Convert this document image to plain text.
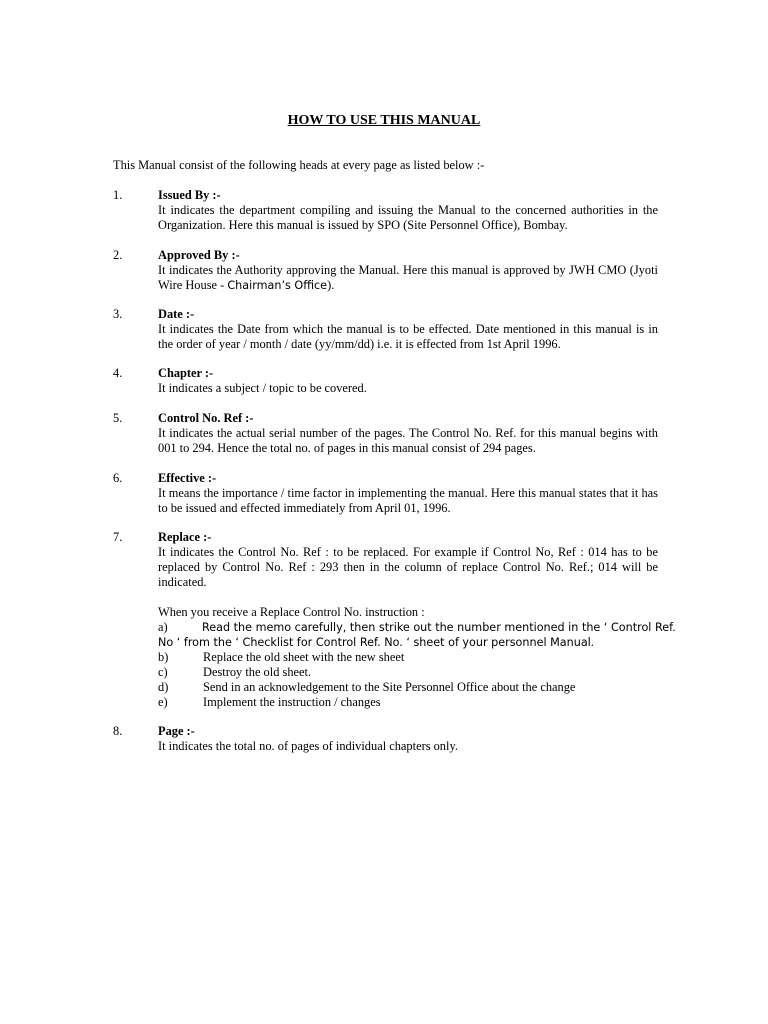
HOW TO USE THIS MANUAL
This Manual consist of the following heads at every page as listed below :-
1.	Issued By :-
It indicates the department compiling and issuing the Manual to the concerned authorities in the Organization. Here this manual is issued by SPO (Site Personnel Office), Bombay.
2.	Approved By :-
It indicates the Authority approving the Manual. Here this manual is approved by JWH CMO (Jyoti Wire House - Chairman’s Office).
3.	Date :-
It indicates the Date from which the manual is to be effected. Date mentioned in this manual is in the order of year / month / date (yy/mm/dd) i.e. it is effected from 1st April 1996.
4.	Chapter :-
It indicates a subject / topic to be covered.
5.	Control No. Ref :-
It indicates the actual serial number of the pages. The Control No. Ref. for this manual begins with 001 to 294. Hence the total no. of pages in this manual consist of 294 pages.
6.	Effective :-
It means the importance / time factor in implementing the manual. Here this manual states that it has to be issued and effected immediately from April 01, 1996.
7.	Replace :-
It indicates the Control No. Ref : to be replaced. For example if Control No, Ref : 014 has to be replaced by Control No. Ref : 293 then in the column of replace Control No. Ref.; 014 will be indicated.
When you receive a Replace Control No. instruction :
a)	Read the memo carefully, then strike out the number mentioned in the ‘ Control Ref.
No ‘ from the ‘ Checklist for Control Ref. No. ‘ sheet of your personnel Manual.
b)	Replace the old sheet with the new sheet
c)	Destroy the old sheet.
d)	Send in an acknowledgement to the Site Personnel Office about the change
e)	Implement the instruction / changes
8.	Page :-
It indicates the total no. of pages of individual chapters only.
